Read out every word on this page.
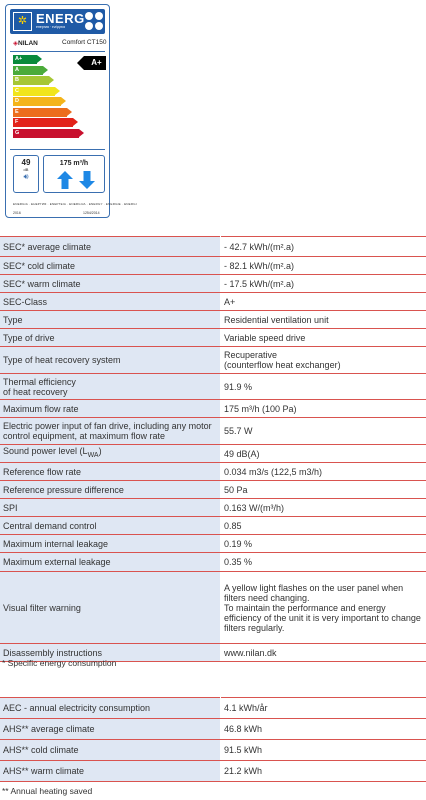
✲ ENERG
енергия · ενέργεια
◈NILAN	Comfort CT150
A+
A
B
C
D
E
F
G
A+
49
dB
🔊︎
175 m³/h
ENERGIA · ЕНЕРГИЯ · ΕΝΕΡΓΕΙΑ · ENERGIJA · ENERGY · ENERGIE · ENERGI
2016	1254/2014
SEC* average climate	- 42.7 kWh/(m².a)
SEC* cold climate	- 82.1 kWh/(m².a)
SEC* warm climate	- 17.5 kWh/(m².a)
SEC-Class	A+
Type	Residential ventilation unit
Type of drive	Variable speed drive
Type of heat recovery system	Recuperative
(counterflow heat exchanger)
Thermal efficiency
of heat recovery	91.9 %
Maximum flow rate	175 m³/h (100 Pa)
Electric power input of fan drive, including any motor control equipment, at maximum flow rate	55.7 W
Sound power level $(L_{WA})$	49 dB(A)
Reference flow rate	0.034 m3/s (122,5 m3/h)
Reference pressure difference	50 Pa
SPI	0.163 W/(m³/h)
Central demand control	0.85
Maximum internal leakage	0.19 %
Maximum external leakage	0.35 %
Visual filter warning	A yellow light flashes on the user panel when filters need changing.
To maintain the performance and energy efficiency of the unit it is very important to change filters regularly.
Disassembly instructions	www.nilan.dk
* Specific energy consumption
AEC - annual electricity consumption	4.1 kWh/år
AHS** average climate	46.8 kWh
AHS** cold climate	91.5 kWh
AHS** warm climate	21.2 kWh
** Annual heating saved
